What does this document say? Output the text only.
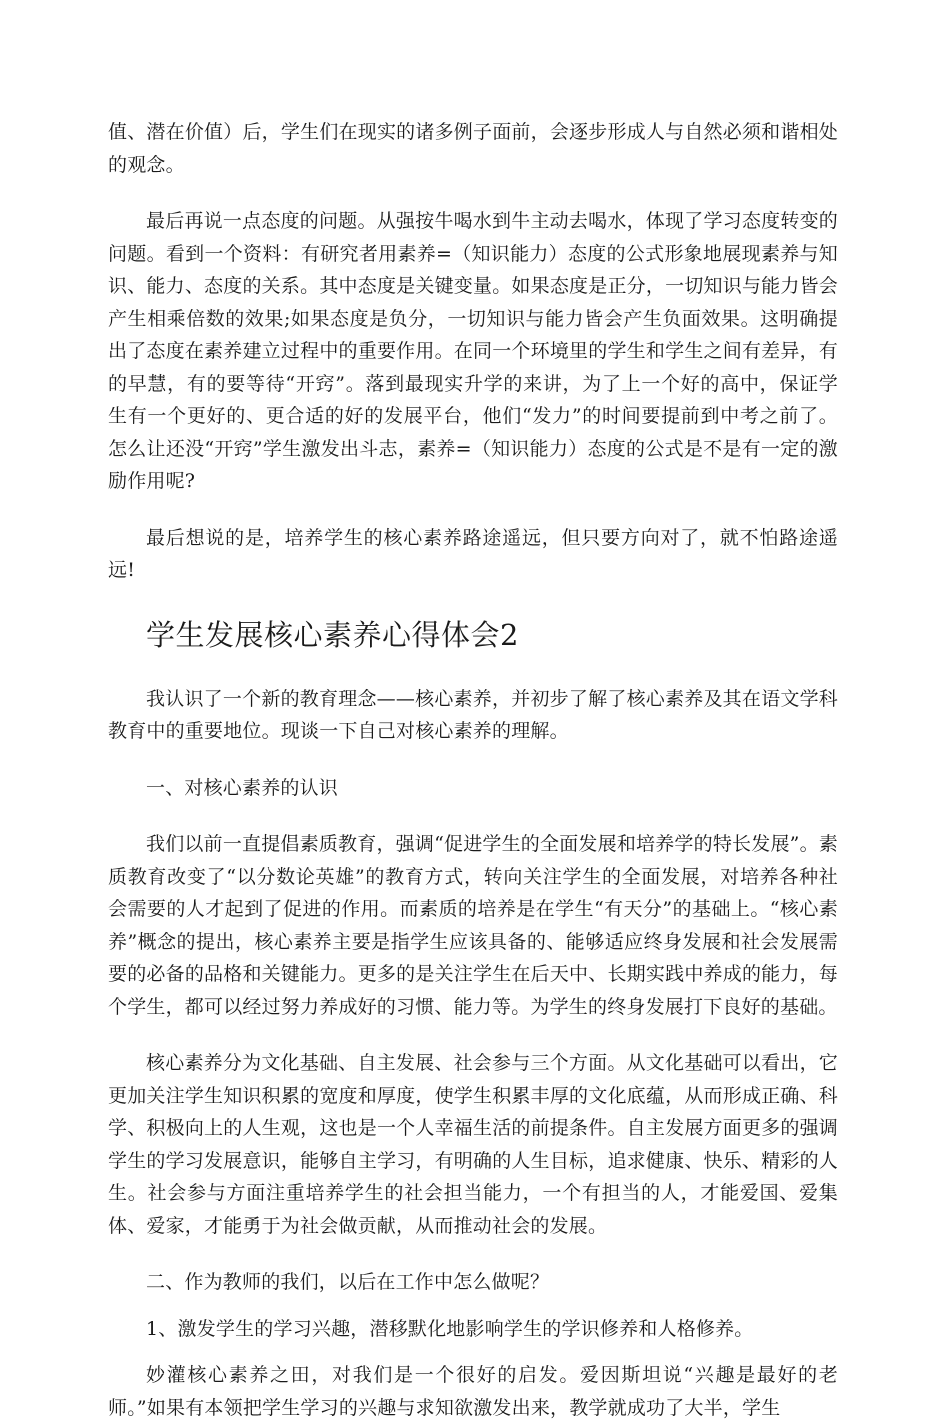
值、潜在价值）后，学生们在现实的诸多例子面前，会逐步形成人与自然必须和谐相处的观念。

最后再说一点态度的问题。从强按牛喝水到牛主动去喝水，体现了学习态度转变的问题。看到一个资料：有研究者用素养=（知识能力）态度的公式形象地展现素养与知识、能力、态度的关系。其中态度是关键变量。如果态度是正分，一切知识与能力皆会产生相乘倍数的效果;如果态度是负分，一切知识与能力皆会产生负面效果。这明确提出了态度在素养建立过程中的重要作用。在同一个环境里的学生和学生之间有差异，有的早慧，有的要等待“开窍”。落到最现实升学的来讲，为了上一个好的高中，保证学生有一个更好的、更合适的好的发展平台，他们“发力”的时间要提前到中考之前了。怎么让还没“开窍”学生激发出斗志，素养=（知识能力）态度的公式是不是有一定的激励作用呢?

最后想说的是，培养学生的核心素养路途遥远，但只要方向对了，就不怕路途遥远!

学生发展核心素养心得体会2

我认识了一个新的教育理念——核心素养，并初步了解了核心素养及其在语文学科教育中的重要地位。现谈一下自己对核心素养的理解。

一、对核心素养的认识

我们以前一直提倡素质教育，强调“促进学生的全面发展和培养学的特长发展”。素质教育改变了“以分数论英雄”的教育方式，转向关注学生的全面发展，对培养各种社会需要的人才起到了促进的作用。而素质的培养是在学生“有天分”的基础上。“核心素养”概念的提出，核心素养主要是指学生应该具备的、能够适应终身发展和社会发展需要的必备的品格和关键能力。更多的是关注学生在后天中、长期实践中养成的能力，每个学生，都可以经过努力养成好的习惯、能力等。为学生的终身发展打下良好的基础。

核心素养分为文化基础、自主发展、社会参与三个方面。从文化基础可以看出，它更加关注学生知识积累的宽度和厚度，使学生积累丰厚的文化底蕴，从而形成正确、科学、积极向上的人生观，这也是一个人幸福生活的前提条件。自主发展方面更多的强调学生的学习发展意识，能够自主学习，有明确的人生目标，追求健康、快乐、精彩的人生。社会参与方面注重培养学生的社会担当能力，一个有担当的人，才能爱国、爱集体、爱家，才能勇于为社会做贡献，从而推动社会的发展。

二、作为教师的我们，以后在工作中怎么做呢？

1、激发学生的学习兴趣，潜移默化地影响学生的学识修养和人格修养。

妙灌核心素养之田，对我们是一个很好的启发。爱因斯坦说“兴趣是最好的老师。”如果有本领把学生学习的兴趣与求知欲激发出来，教学就成功了大半，学生
